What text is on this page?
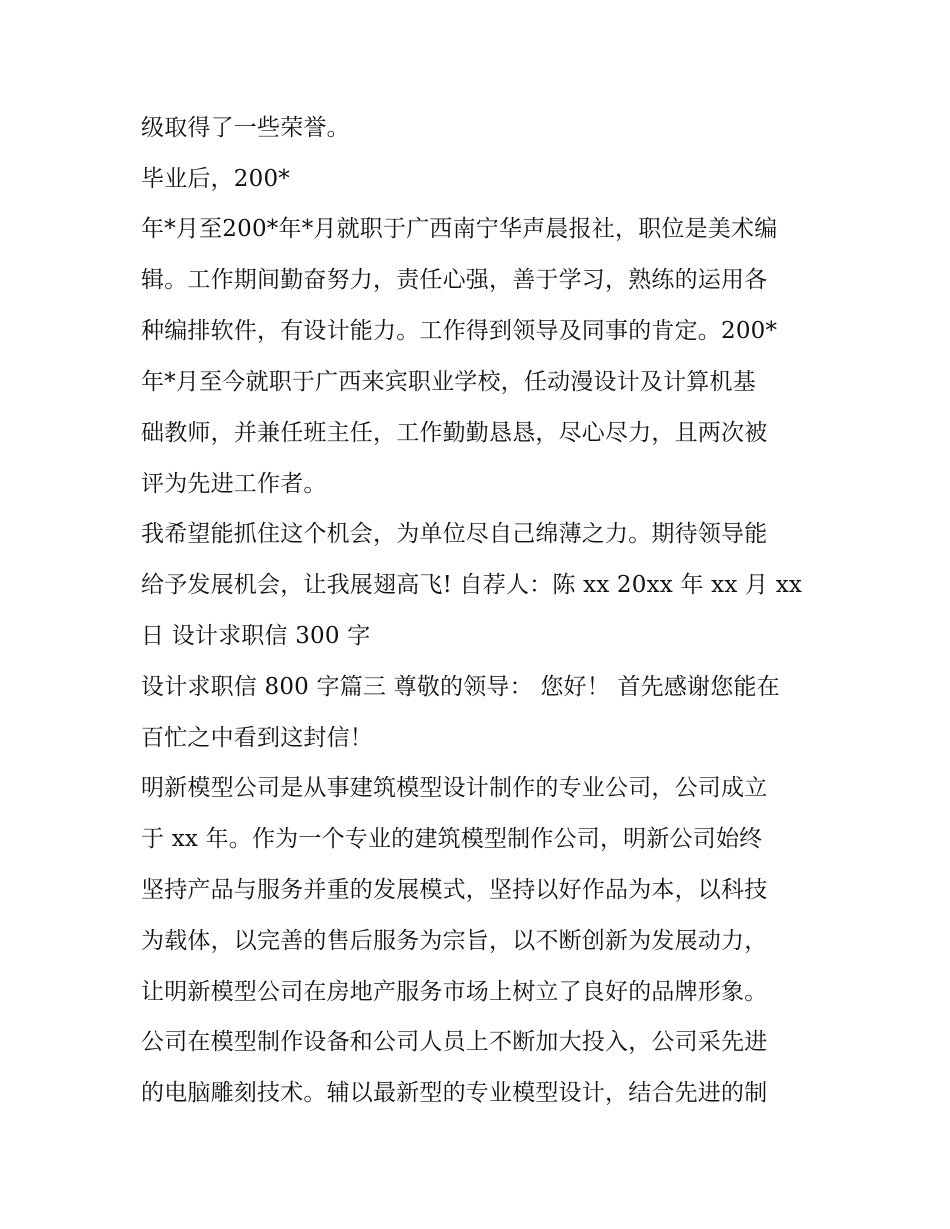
级取得了一些荣誉。
毕业后，200*
年*月至200*年*月就职于广西南宁华声晨报社，职位是美术编
辑。工作期间勤奋努力，责任心强，善于学习，熟练的运用各
种编排软件，有设计能力。工作得到领导及同事的肯定。200*
年*月至今就职于广西来宾职业学校，任动漫设计及计算机基
础教师，并兼任班主任，工作勤勤恳恳，尽心尽力，且两次被
评为先进工作者。
我希望能抓住这个机会，为单位尽自己绵薄之力。期待领导能
给予发展机会，让我展翅高飞! 自荐人：陈 xx 20xx 年 xx 月 xx
日 设计求职信 300 字
设计求职信 800 字篇三 尊敬的领导： 您好！ 首先感谢您能在
百忙之中看到这封信！
明新模型公司是从事建筑模型设计制作的专业公司，公司成立
于 xx 年。作为一个专业的建筑模型制作公司，明新公司始终
坚持产品与服务并重的发展模式，坚持以好作品为本，以科技
为载体，以完善的售后服务为宗旨，以不断创新为发展动力，
让明新模型公司在房地产服务市场上树立了良好的品牌形象。
公司在模型制作设备和公司人员上不断加大投入，公司采先进
的电脑雕刻技术。辅以最新型的专业模型设计，结合先进的制
